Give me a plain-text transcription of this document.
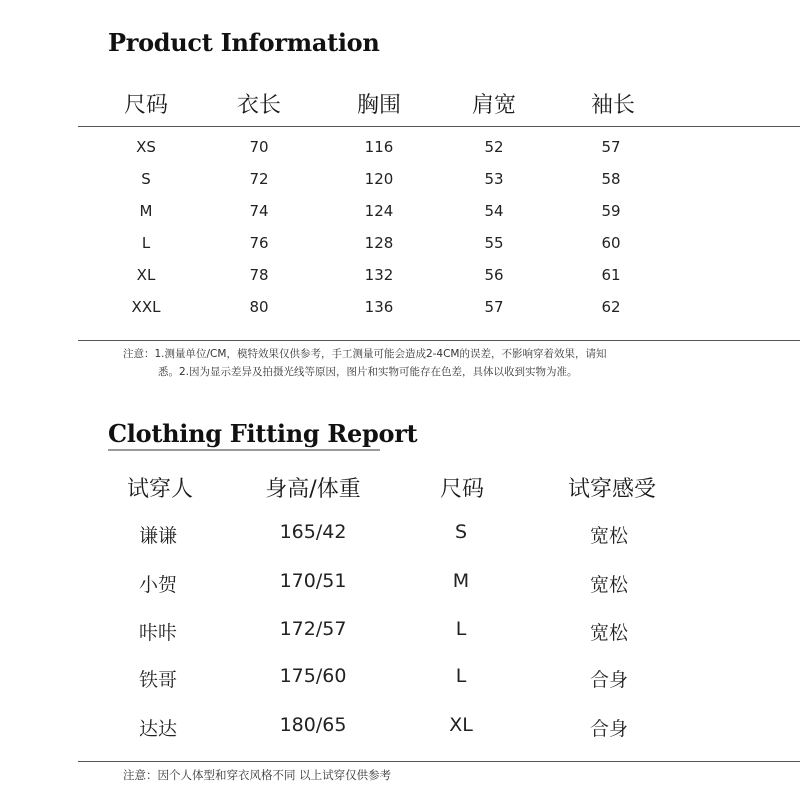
Product Information
尺码	衣长	胸围	肩宽	袖长
XS	70	116	52	57
S	72	120	53	58
M	74	124	54	59
L	76	128	55	60
XL	78	132	56	61
XXL	80	136	57	62
注意：1.测量单位/CM，模特效果仅供参考，手工测量可能会造成2-4CM的误差，不影响穿着效果，请知
悉。2.因为显示差异及拍摄光线等原因，图片和实物可能存在色差，具体以收到实物为准。
Clothing Fitting Report
试穿人	身高/体重	尺码	试穿感受
谦谦	165/42	S	宽松
小贺	170/51	M	宽松
咔咔	172/57	L	宽松
铁哥	175/60	L	合身
达达	180/65	XL	合身
注意：因个人体型和穿衣风格不同 以上试穿仅供参考
